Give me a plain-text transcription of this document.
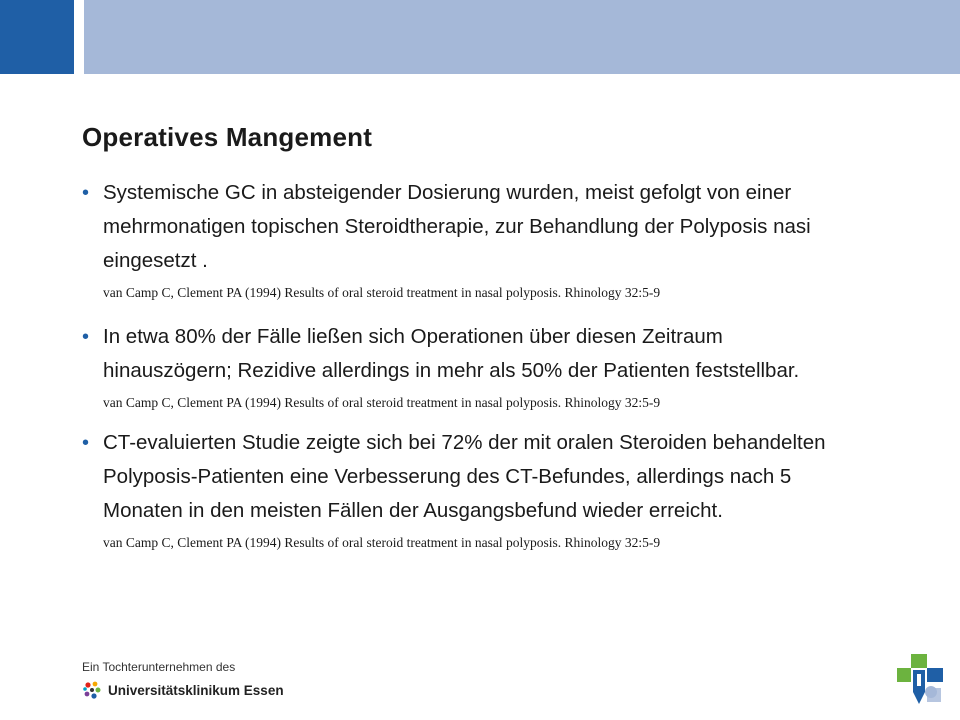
Operatives Mangement
• Systemische GC in absteigender Dosierung wurden, meist gefolgt von einer mehrmonatigen topischen Steroidtherapie, zur Behandlung der Polyposis nasi eingesetzt .
van Camp C, Clement PA (1994) Results of oral steroid treatment in nasal polyposis. Rhinology 32:5-9
• In etwa 80% der Fälle ließen sich Operationen über diesen Zeitraum hinauszögern; Rezidive allerdings in mehr als 50% der Patienten feststellbar.
van Camp C, Clement PA (1994) Results of oral steroid treatment in nasal polyposis. Rhinology 32:5-9
• CT-evaluierten Studie zeigte sich bei 72% der mit oralen Steroiden behandelten Polyposis-Patienten eine Verbesserung des CT-Befundes, allerdings nach 5 Monaten in den meisten Fällen der Ausgangsbefund wieder erreicht.
van Camp C, Clement PA (1994) Results of oral steroid treatment in nasal polyposis. Rhinology 32:5-9
Ein Tochterunternehmen des
Universitätsklinikum Essen
